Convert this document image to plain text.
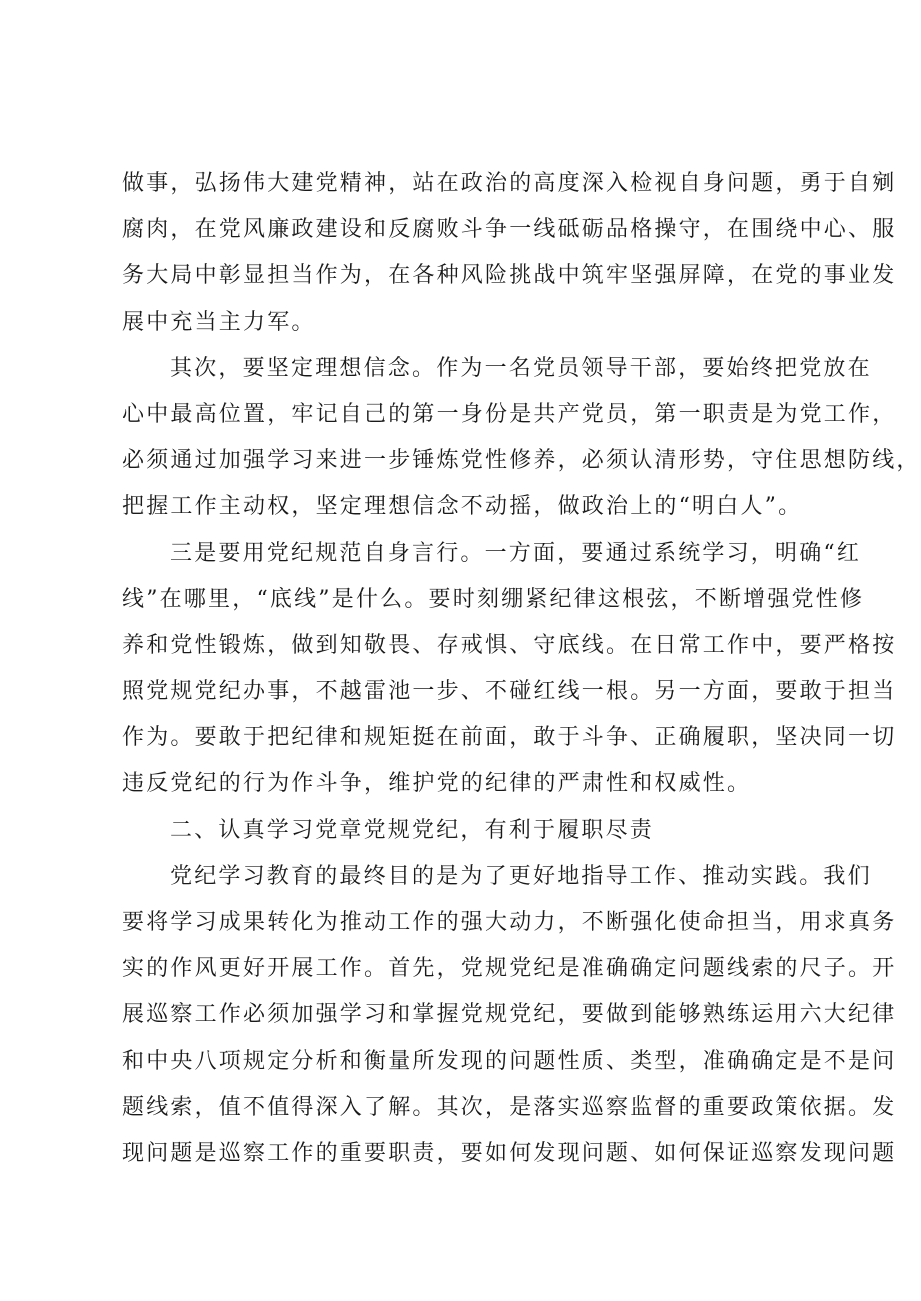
做事，弘扬伟大建党精神，站在政治的高度深入检视自身问题，勇于自剜
腐肉，在党风廉政建设和反腐败斗争一线砥砺品格操守，在围绕中心、服
务大局中彰显担当作为，在各种风险挑战中筑牢坚强屏障，在党的事业发
展中充当主力军。
其次，要坚定理想信念。作为一名党员领导干部，要始终把党放在
心中最高位置，牢记自己的第一身份是共产党员，第一职责是为党工作，
必须通过加强学习来进一步锤炼党性修养，必须认清形势，守住思想防线，
把握工作主动权，坚定理想信念不动摇，做政治上的“明白人”。
三是要用党纪规范自身言行。一方面，要通过系统学习，明确“红
线”在哪里，“底线”是什么。要时刻绷紧纪律这根弦，不断增强党性修
养和党性锻炼，做到知敬畏、存戒惧、守底线。在日常工作中，要严格按
照党规党纪办事，不越雷池一步、不碰红线一根。另一方面，要敢于担当
作为。要敢于把纪律和规矩挺在前面，敢于斗争、正确履职，坚决同一切
违反党纪的行为作斗争，维护党的纪律的严肃性和权威性。
二、认真学习党章党规党纪，有利于履职尽责
党纪学习教育的最终目的是为了更好地指导工作、推动实践。我们
要将学习成果转化为推动工作的强大动力，不断强化使命担当，用求真务
实的作风更好开展工作。首先，党规党纪是准确确定问题线索的尺子。开
展巡察工作必须加强学习和掌握党规党纪，要做到能够熟练运用六大纪律
和中央八项规定分析和衡量所发现的问题性质、类型，准确确定是不是问
题线索，值不值得深入了解。其次，是落实巡察监督的重要政策依据。发
现问题是巡察工作的重要职责，要如何发现问题、如何保证巡察发现问题
